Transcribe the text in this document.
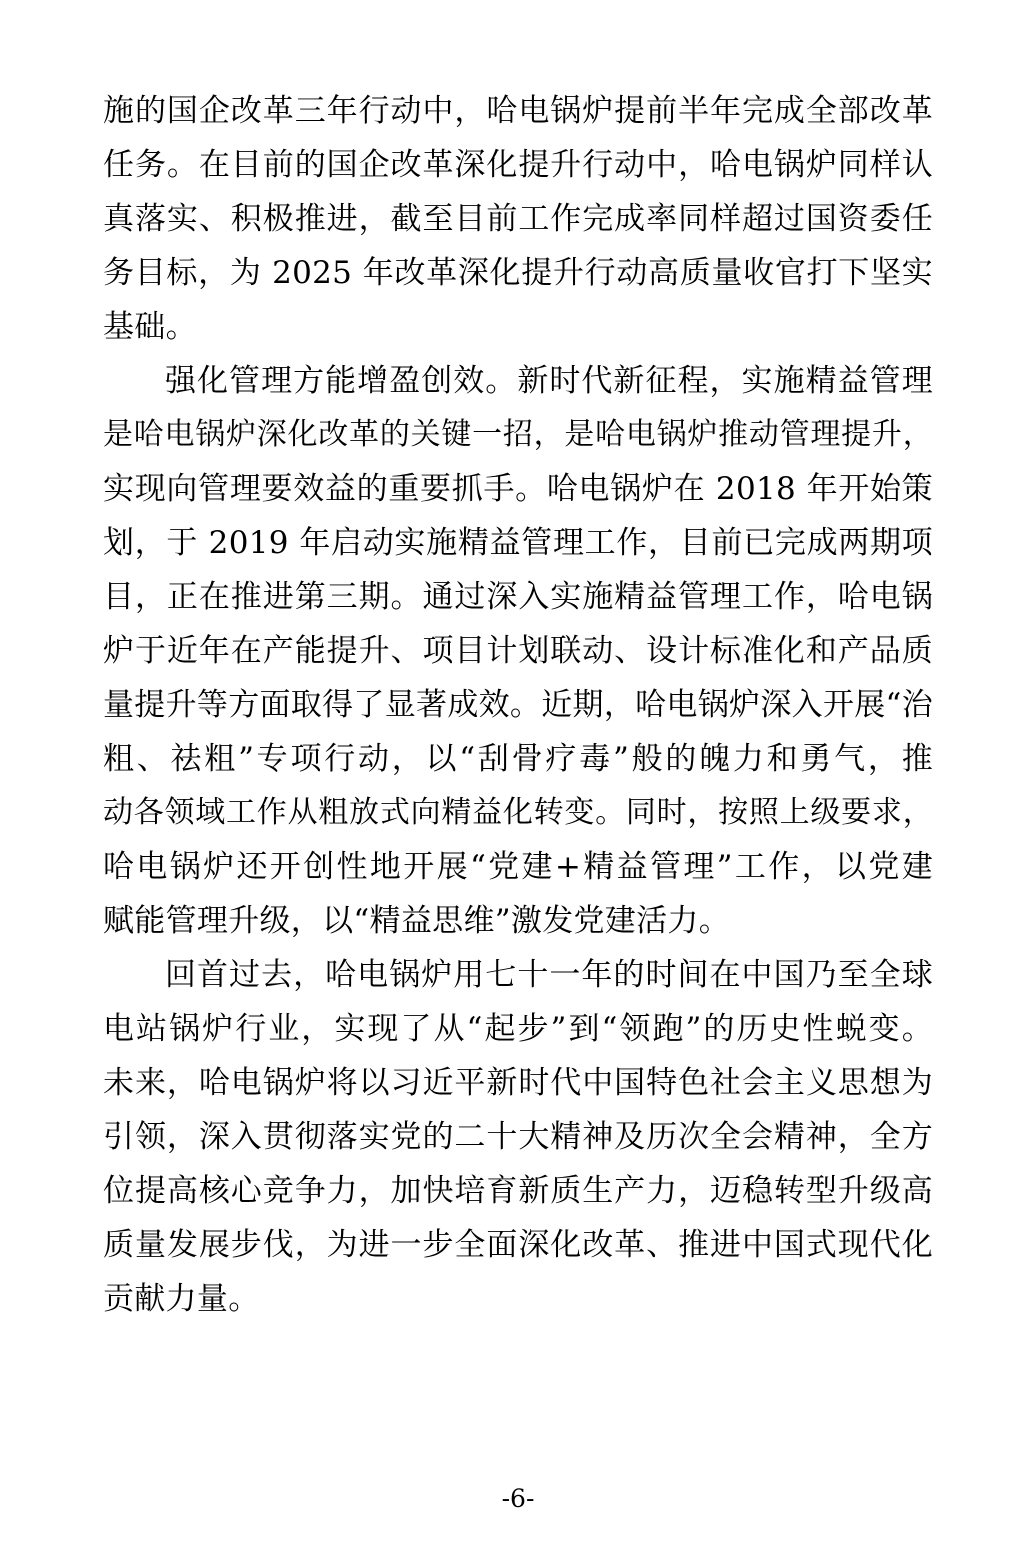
施的国企改革三年行动中，哈电锅炉提前半年完成全部改革
任务。在目前的国企改革深化提升行动中，哈电锅炉同样认
真落实、积极推进，截至目前工作完成率同样超过国资委任
务目标，为 2025 年改革深化提升行动高质量收官打下坚实
基础。
强化管理方能增盈创效。新时代新征程，实施精益管理
是哈电锅炉深化改革的关键一招，是哈电锅炉推动管理提升，
实现向管理要效益的重要抓手。哈电锅炉在 2018 年开始策
划，于 2019 年启动实施精益管理工作，目前已完成两期项
目，正在推进第三期。通过深入实施精益管理工作，哈电锅
炉于近年在产能提升、项目计划联动、设计标准化和产品质
量提升等方面取得了显著成效。近期，哈电锅炉深入开展“治
粗、祛粗”专项行动，以“刮骨疗毒”般的魄力和勇气，推
动各领域工作从粗放式向精益化转变。同时，按照上级要求，
哈电锅炉还开创性地开展“党建+精益管理”工作，以党建
赋能管理升级，以“精益思维”激发党建活力。
回首过去，哈电锅炉用七十一年的时间在中国乃至全球
电站锅炉行业，实现了从“起步”到“领跑”的历史性蜕变。
未来，哈电锅炉将以习近平新时代中国特色社会主义思想为
引领，深入贯彻落实党的二十大精神及历次全会精神，全方
位提高核心竞争力，加快培育新质生产力，迈稳转型升级高
质量发展步伐，为进一步全面深化改革、推进中国式现代化
贡献力量。
-6-
